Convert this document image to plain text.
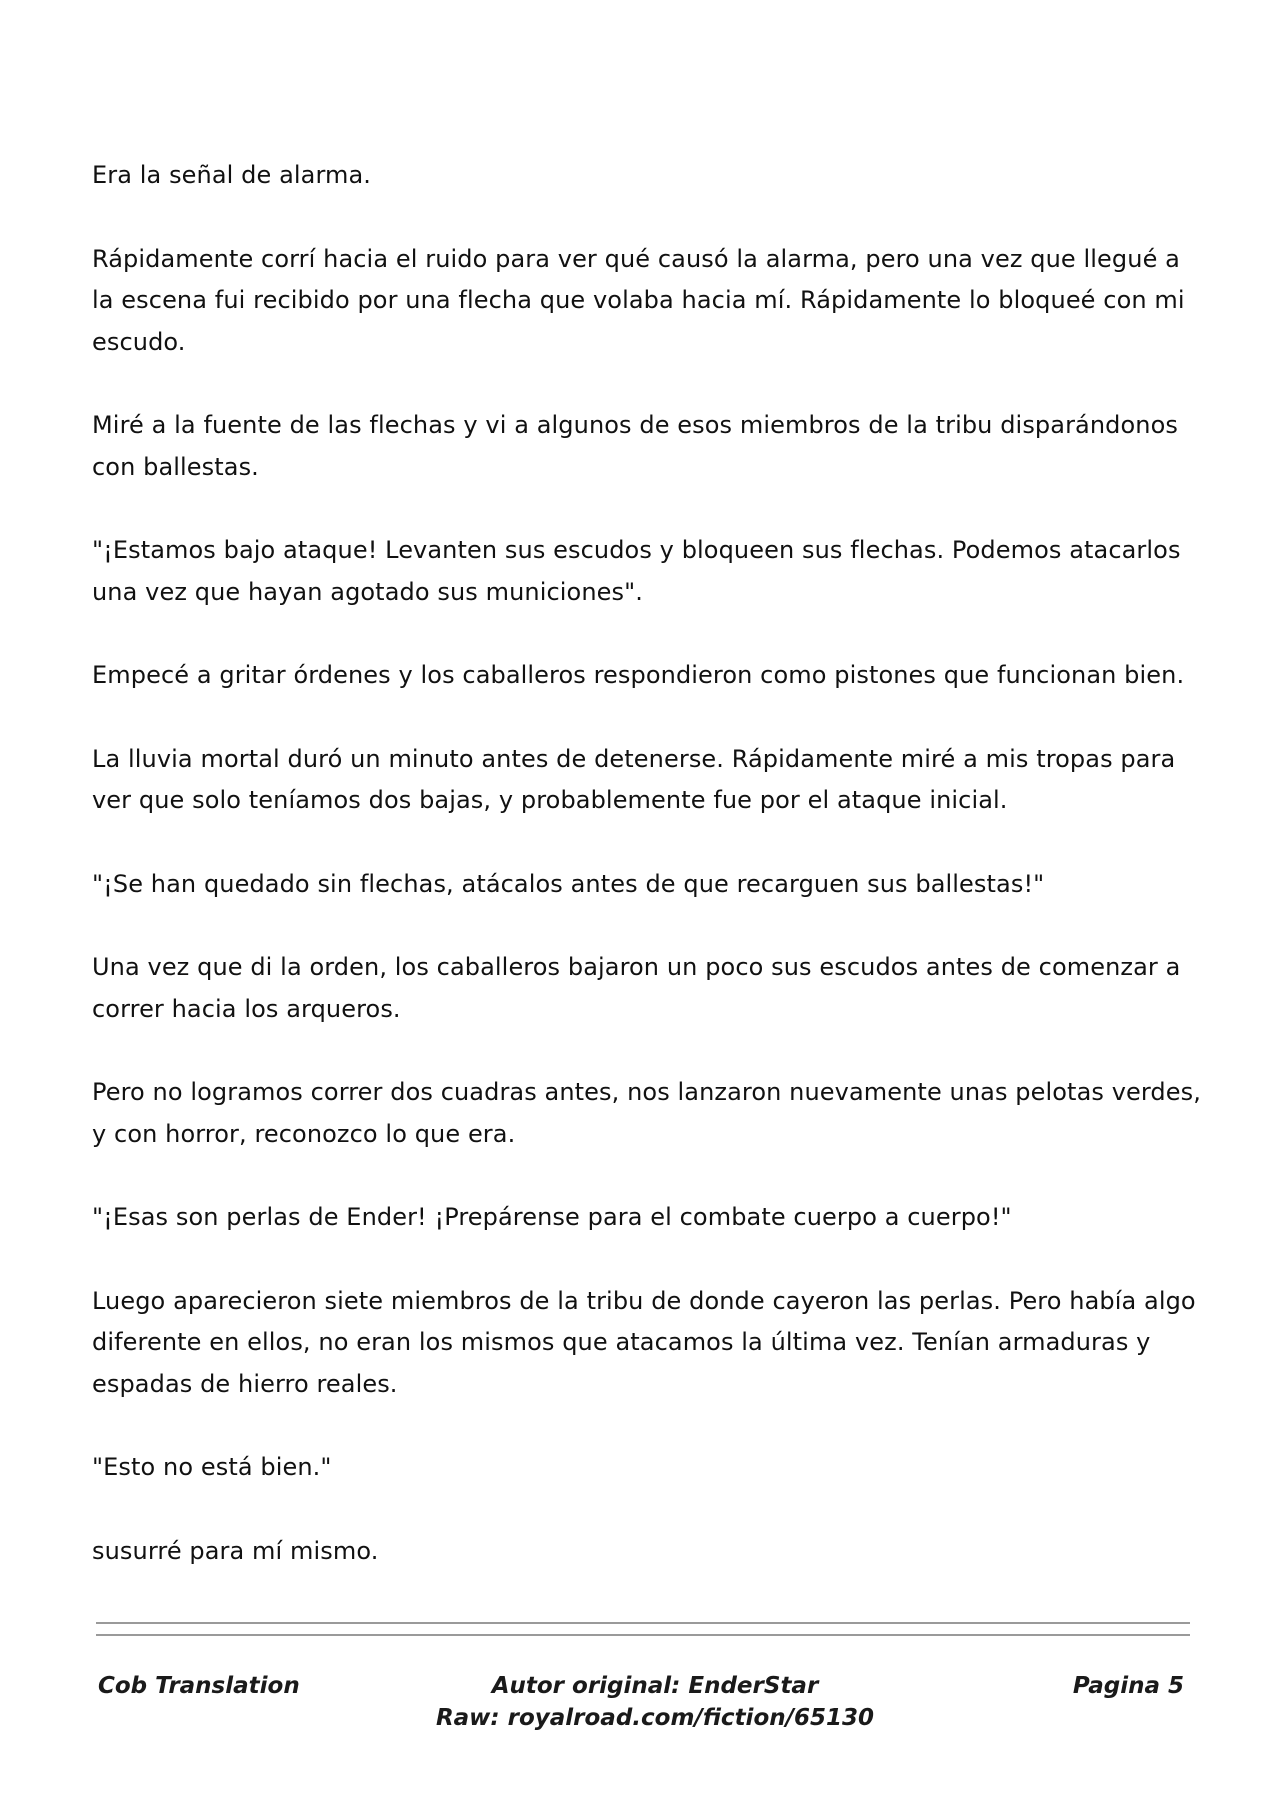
Era la señal de alarma.

Rápidamente corrí hacia el ruido para ver qué causó la alarma, pero una vez que llegué a la escena fui recibido por una flecha que volaba hacia mí. Rápidamente lo bloqueé con mi escudo.

Miré a la fuente de las flechas y vi a algunos de esos miembros de la tribu disparándonos con ballestas.

"¡Estamos bajo ataque! Levanten sus escudos y bloqueen sus flechas. Podemos atacarlos una vez que hayan agotado sus municiones".

Empecé a gritar órdenes y los caballeros respondieron como pistones que funcionan bien.

La lluvia mortal duró un minuto antes de detenerse. Rápidamente miré a mis tropas para ver que solo teníamos dos bajas, y probablemente fue por el ataque inicial.

"¡Se han quedado sin flechas, atácalos antes de que recarguen sus ballestas!"

Una vez que di la orden, los caballeros bajaron un poco sus escudos antes de comenzar a correr hacia los arqueros.

Pero no logramos correr dos cuadras antes, nos lanzaron nuevamente unas pelotas verdes, y con horror, reconozco lo que era.

"¡Esas son perlas de Ender! ¡Prepárense para el combate cuerpo a cuerpo!"

Luego aparecieron siete miembros de la tribu de donde cayeron las perlas. Pero había algo diferente en ellos, no eran los mismos que atacamos la última vez. Tenían armaduras y espadas de hierro reales.

"Esto no está bien."

susurré para mí mismo.

Cob Translation	Autor original: EnderStar
Raw: royalroad.com/fiction/65130
Pagina 5
